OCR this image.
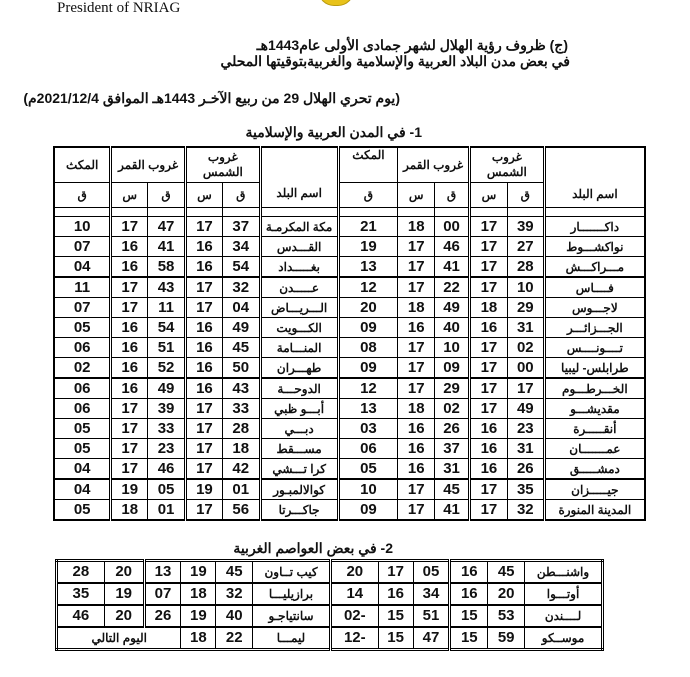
President of NRIAG
(ج) ظروف رؤية الهلال لشهر جمادى الأولى عام1443هـ
في بعض مدن البلاد العربية والإسلامية والغربيةبتوقيتها المحلي
(يوم تحري الهلال 29 من ربيع الآخـر 1443هـ الموافق 2021/12/4م)
1- في المدن العربية والإسلامية
المكث	غروب القمر		غروب الشمس		اسم البلد	المكث	غروب القمر		غروب الشمس		
ق	س	ق	س	ق		ق	س	ق	س	ق	اسم البلد

10	17	47	17	37	مكة المكرمـة	21	18	00	17	39	داكـــــــار
07	16	41	16	34	القـــدس	19	17	46	17	27	نواكشـــوط
04	16	58	16	54	بغـــــداد	13	17	41	17	28	مـــراكـــش
11	17	43	17	32	عـــــدن	12	17	22	17	10	فــــاس
07	17	11	17	04	الـــريـــاض	20	18	49	18	29	لاجـــوس
05	16	54	16	49	الكـــويت	09	16	40	16	31	الجـــزائـــر
06	16	51	16	45	المنـــامة	08	17	10	17	02	تــــونــــس
02	16	52	16	50	طهـــران	09	17	09	17	00	طرابلس- ليبيا
06	16	49	16	43	الدوحـــة	12	17	29	17	17	الخـــرطـــوم
06	17	39	17	33	أبـــو ظبي	13	18	02	17	49	مقديشـــو
05	17	33	17	28	دبـــي	03	16	26	16	23	أنقـــــرة
05	17	23	17	18	مســـقط	06	16	37	16	31	عمـــــــان
04	17	46	17	42	كرا تـــشي	05	16	31	16	26	دمشـــــق
04	19	05	19	01	كوالالمبـور	10	17	45	17	35	جيـــــزان
05	18	01	17	56	جاكـــرتا	09	17	41	17	32	المدينة المنورة
2- في بعض العواصم الغربية
28	20	13	19	45	كيب تــاون	20	17	05	16	45	واشنـــطن
35	19	07	18	32	برازيليـــا	14	16	34	16	20	أوتـــوا
46	20	26	19	40	سانتياجـو	02-	15	51	15	53	لــــندن
اليوم التالي			18	22	ليمـــا	12-	15	47	15	59	موســكو
